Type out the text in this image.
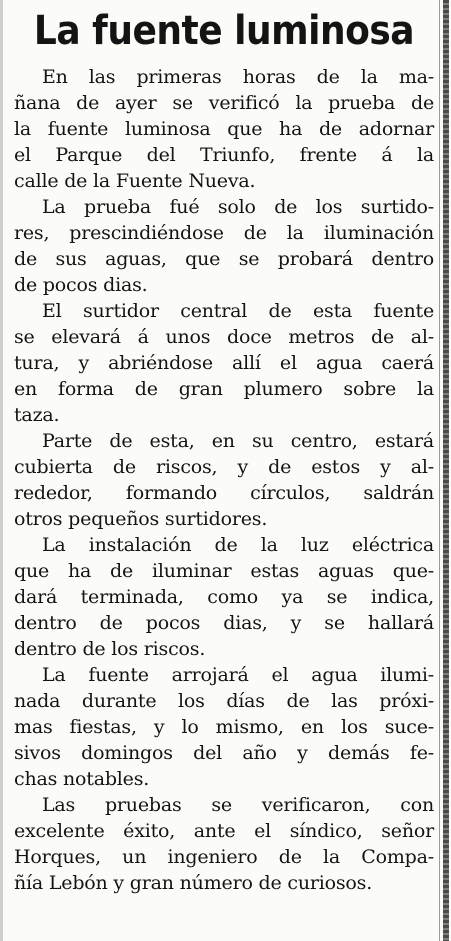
La fuente luminosa
En las primeras horas de la ma-
ñana de ayer se verificó la prueba de
la fuente luminosa que ha de adornar
el Parque del Triunfo, frente á la
calle de la Fuente Nueva.
La prueba fué solo de los surtido-
res, prescindiéndose de la iluminación
de sus aguas, que se probará dentro
de pocos dias.
El surtidor central de esta fuente
se elevará á unos doce metros de al-
tura, y abriéndose allí el agua caerá
en forma de gran plumero sobre la
taza.
Parte de esta, en su centro, estará
cubierta de riscos, y de estos y al-
rededor, formando círculos, saldrán
otros pequeños surtidores.
La instalación de la luz eléctrica
que ha de iluminar estas aguas que-
dará terminada, como ya se indica,
dentro de pocos dias, y se hallará
dentro de los riscos.
La fuente arrojará el agua ilumi-
nada durante los días de las próxi-
mas fiestas, y lo mismo, en los suce-
sivos domingos del año y demás fe-
chas notables.
Las pruebas se verificaron, con
excelente éxito, ante el síndico, señor
Horques, un ingeniero de la Compa-
ñía Lebón y gran número de curiosos.
